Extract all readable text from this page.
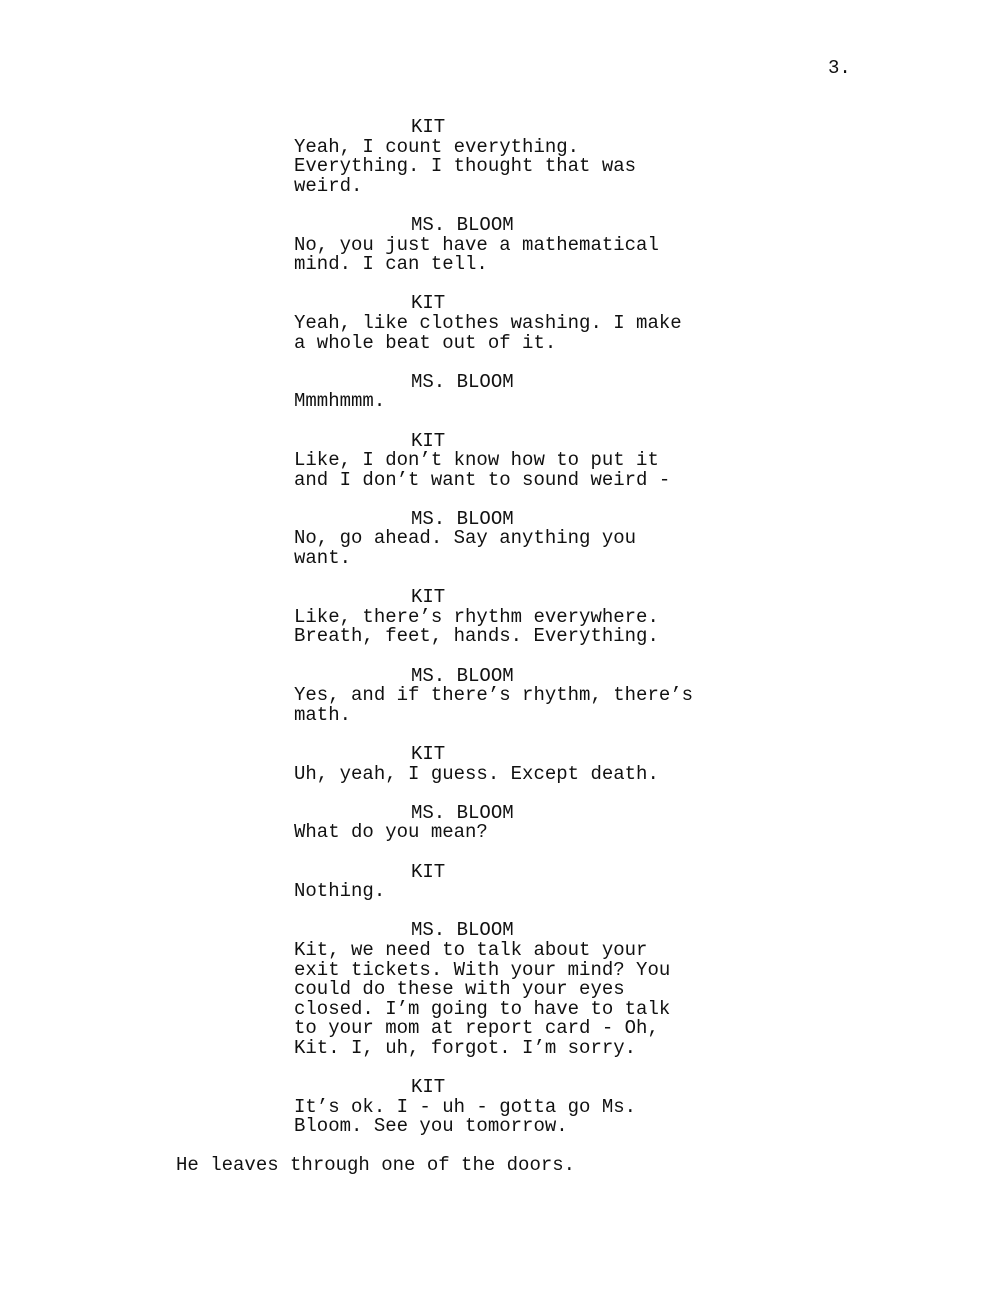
3.
KIT
Yeah, I count everything.
Everything. I thought that was
weird.
MS. BLOOM
No, you just have a mathematical
mind. I can tell.
KIT
Yeah, like clothes washing. I make
a whole beat out of it.
MS. BLOOM
Mmmhmmm.
KIT
Like, I don’t know how to put it
and I don’t want to sound weird -
MS. BLOOM
No, go ahead. Say anything you
want.
KIT
Like, there’s rhythm everywhere.
Breath, feet, hands. Everything.
MS. BLOOM
Yes, and if there’s rhythm, there’s
math.
KIT
Uh, yeah, I guess. Except death.
MS. BLOOM
What do you mean?
KIT
Nothing.
MS. BLOOM
Kit, we need to talk about your
exit tickets. With your mind? You
could do these with your eyes
closed. I’m going to have to talk
to your mom at report card - Oh,
Kit. I, uh, forgot. I’m sorry.
KIT
It’s ok. I - uh - gotta go Ms.
Bloom. See you tomorrow.
He leaves through one of the doors.
